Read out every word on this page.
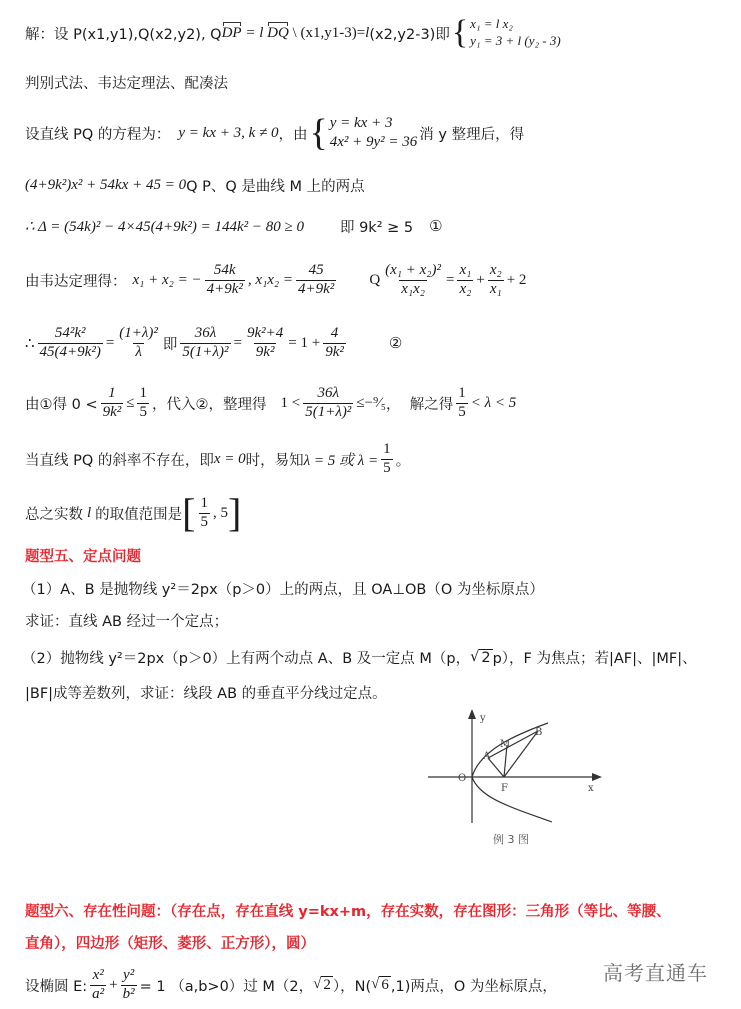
解：设 P(x1,y1),Q(x2,y2), Q DP = l DQ \ (x1,y1-3)= l (x2,y2-3)即 { x₁ = l x₂
y₁ = 3 + l (y₂ - 3)
判别式法、韦达定理法、配凑法
设直线 PQ 的方程为： y = kx + 3, k ≠ 0 ，由 { y = kx + 3
4x² + 9y² = 36 消 y 整理后，得
(4+9k²)x² + 54kx + 45 = 0 Q P、Q 是曲线 M 上的两点
∴ Δ = (54k)² − 4×45(4+9k²) = 144k² − 80 ≥ 0 即 9k² ≥ 5 ①
由韦达定理得： x₁ + x₂ = − $\frac{54k}{\text{4+9k²}}$ , $x_1x_2 = \frac{45}{\text{4+9k²}}$ Q $\frac{\text{(x₁ + x₂)²}}{\text{x₁x₂}} = \frac{\text{x₁}}{\text{x₂}} + \frac{\text{x₂}}{\text{x₁}} + 2$
∴ $\frac{\text{54²k²}}{\text{45(4+9k²)}} = \frac{\text{(1+λ)²}}{\lambda}$ 即 $\frac{36\lambda}{\text{5(1+λ)²}} = \frac{\text{9k²+4}}{\text{9k²}} = 1 + \frac{4}{\text{9k²}}$	②
由①得 $0 < \frac{1}{\text{9k²}} \le \frac{1}{5}$ ，代入②，整理得 $1 < \frac{36\lambda}{\text{5(1+λ)²}}$ ≤ −⁹⁄₅ ，  解之得 $\frac{1}{5} < \lambda < 5$
当直线 PQ 的斜率不存在，即 x = 0 时，易知 λ = 5 或 $\lambda = \frac{1}{5}$ 。
总之实数 l 的取值范围是 [ $\frac{1}{5}$ , 5 ]
题型五、定点问题
（1）A、B 是抛物线 y²＝2px（p＞0）上的两点，且 OA⊥OB（O 为坐标原点）
求证：直线 AB 经过一个定点；
（2）抛物线 y²＝2px（p＞0）上有两个动点 A、B 及一定点 M（p， √ 2 p），F 为焦点；若|AF|、|MF|、
|BF|成等差数列，求证：线段 AB 的垂直平分线过定点。
y
x
O
F
A
M
B
例 3 图
题型六、存在性问题：（存在点，存在直线 y=kx+m，存在实数，存在图形：三角形（等比、等腰、
直角），四边形（矩形、菱形、正方形），圆）
设椭圆 E: $\frac{\text{x²}}{\text{a²}} + \frac{\text{y²}}{\text{b²}} = 1$ （a,b>0）过 M（2， √ 2 ），N( √ 6 ,1)两点，O 为坐标原点，
高考直通车
